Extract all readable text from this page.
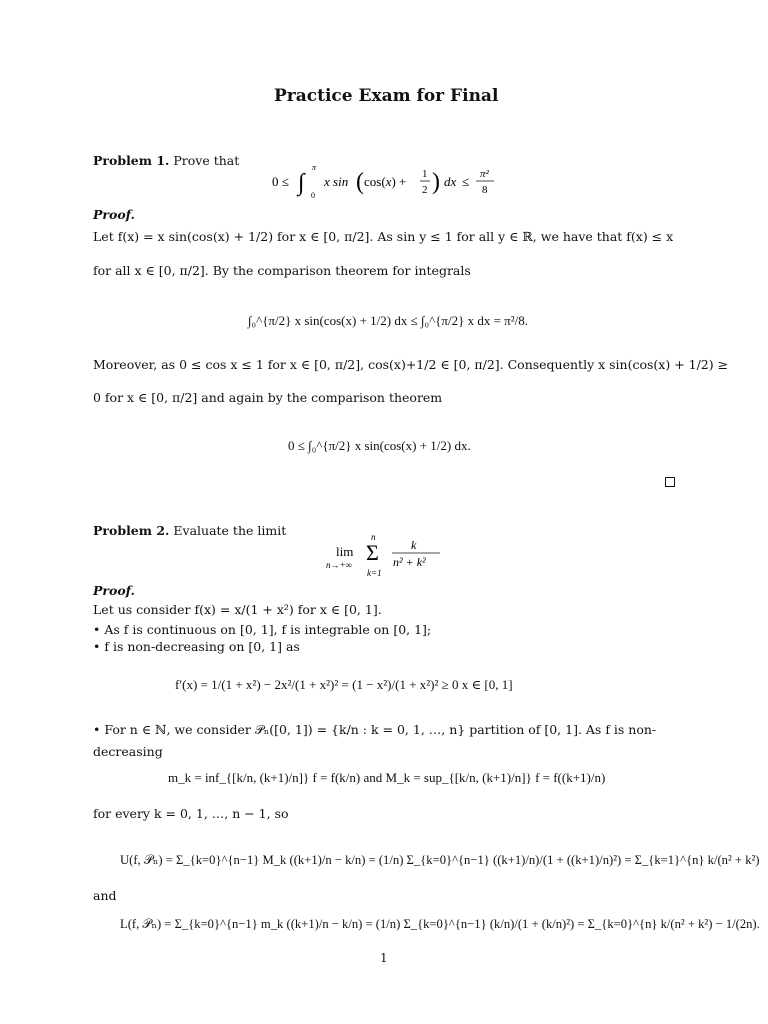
Practice Exam for Final
Problem 1. Prove that
0 ≤ ∫
π
0
x sin ( cos(x) + 1
2 ) dx ≤ π²
8
Proof.
Let f(x) = x sin(cos(x) + 1/2) for x ∈ [0, π/2]. As sin y ≤ 1 for all y ∈ ℝ, we have that f(x) ≤ x
for all x ∈ [0, π/2]. By the comparison theorem for integrals
∫₀^{π/2} x sin(cos(x) + 1/2) dx ≤ ∫₀^{π/2} x dx = π²/8.
Moreover, as 0 ≤ cos x ≤ 1 for x ∈ [0, π/2], cos(x)+1/2 ∈ [0, π/2]. Consequently x sin(cos(x) + 1/2) ≥
0 for x ∈ [0, π/2] and again by the comparison theorem
0 ≤ ∫₀^{π/2} x sin(cos(x) + 1/2) dx.
Problem 2. Evaluate the limit
lim
n→+∞
n
Σ
k=1
k
n² + k²
Proof.
Let us consider f(x) = x/(1 + x²) for x ∈ [0, 1].
• As f is continuous on [0, 1], f is integrable on [0, 1];
• f is non-decreasing on [0, 1] as
f′(x) = 1/(1 + x²) − 2x²/(1 + x²)² = (1 − x²)/(1 + x²)² ≥ 0 x ∈ [0, 1]
• For n ∈ ℕ, we consider 𝒫ₙ([0, 1]) = {k/n : k = 0, 1, …, n} partition of [0, 1]. As f is non-
decreasing
m_k = inf_{[k/n, (k+1)/n]} f = f(k/n) and M_k = sup_{[k/n, (k+1)/n]} f = f((k+1)/n)
for every k = 0, 1, …, n − 1, so
U(f, 𝒫ₙ) = Σ_{k=0}^{n−1} M_k ((k+1)/n − k/n) = (1/n) Σ_{k=0}^{n−1} ((k+1)/n)/(1 + ((k+1)/n)²) = Σ_{k=1}^{n} k/(n² + k²)
and
L(f, 𝒫ₙ) = Σ_{k=0}^{n−1} m_k ((k+1)/n − k/n) = (1/n) Σ_{k=0}^{n−1} (k/n)/(1 + (k/n)²) = Σ_{k=0}^{n} k/(n² + k²) − 1/(2n).
1
